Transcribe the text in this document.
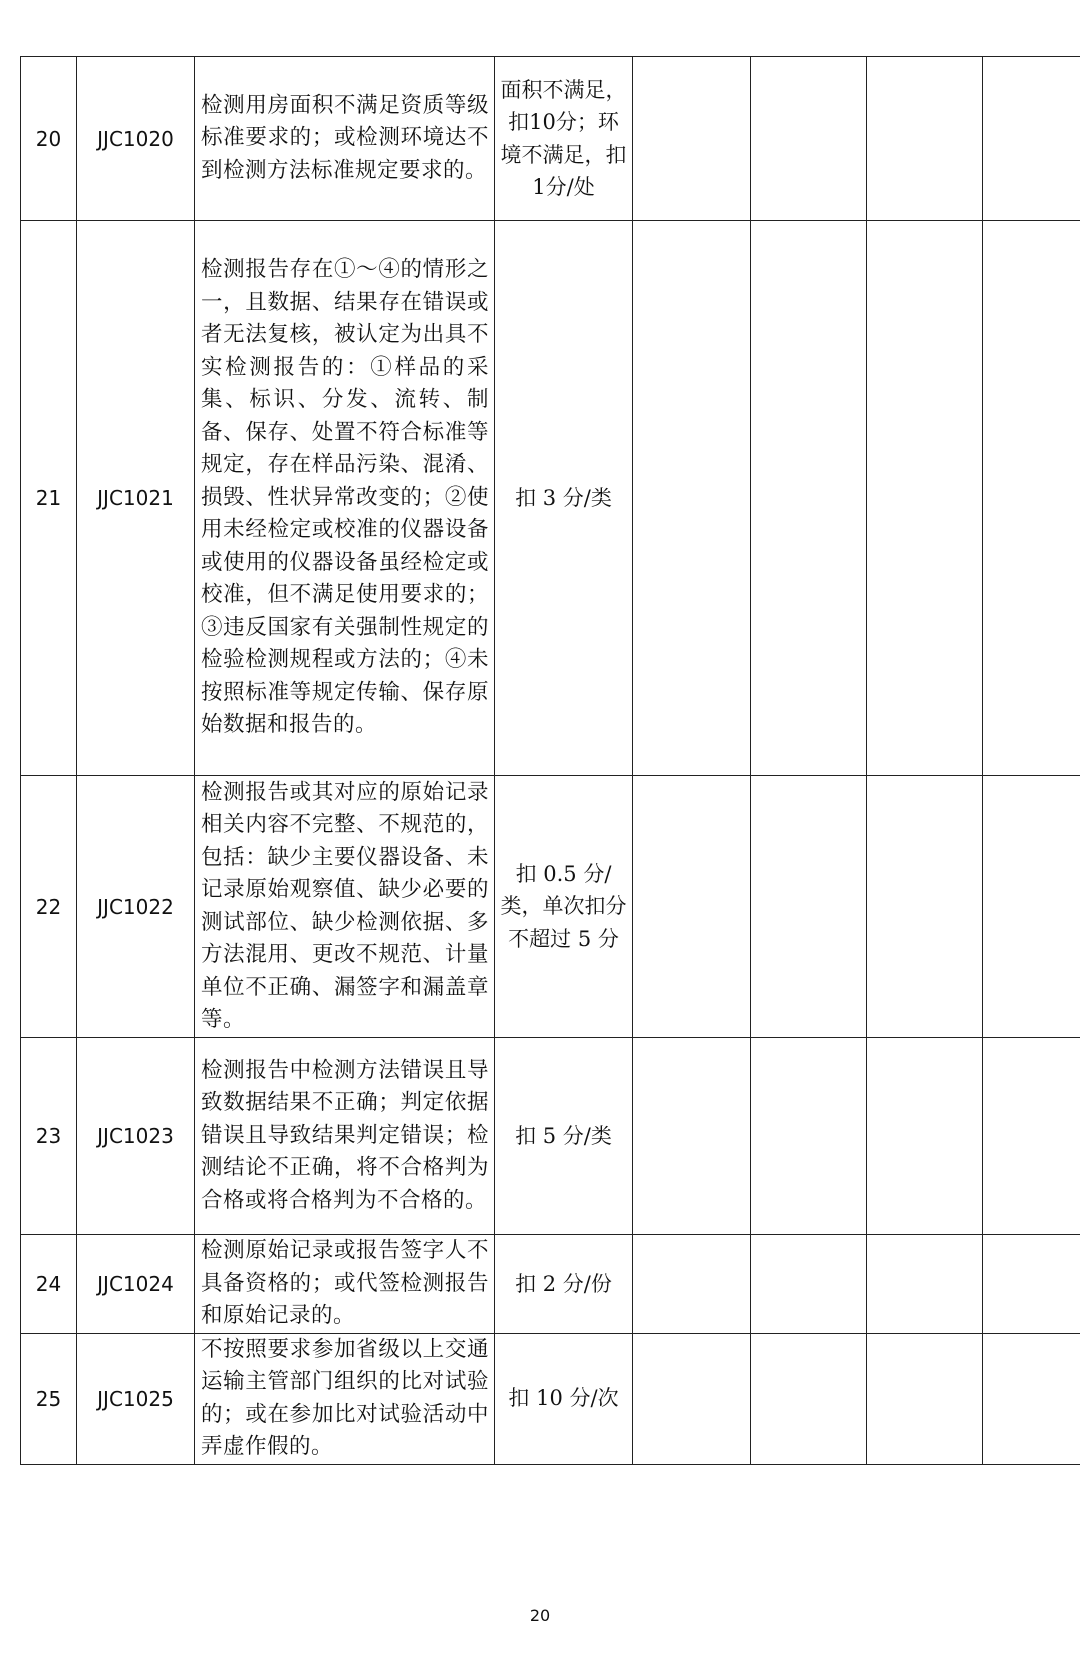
20	JJC1020	检测用房面积不满足资质等级标准要求的；或检测环境达不到检测方法标准规定要求的。	面积不满足，扣10分；环境不满足，扣1分/处					
21	JJC1021	检测报告存在①～④的情形之一，且数据、结果存在错误或者无法复核，被认定为出具不实检测报告的：①样品的采集、标识、分发、流转、制备、保存、处置不符合标准等规定，存在样品污染、混淆、损毁、性状异常改变的；②使用未经检定或校准的仪器设备或使用的仪器设备虽经检定或校准，但不满足使用要求的；③违反国家有关强制性规定的检验检测规程或方法的；④未按照标准等规定传输、保存原始数据和报告的。	扣 3 分/类					
22	JJC1022	检测报告或其对应的原始记录相关内容不完整、不规范的，包括：缺少主要仪器设备、未记录原始观察值、缺少必要的测试部位、缺少检测依据、多方法混用、更改不规范、计量单位不正确、漏签字和漏盖章等。	扣 0.5 分/类，单次扣分不超过 5 分					
23	JJC1023	检测报告中检测方法错误且导致数据结果不正确；判定依据错误且导致结果判定错误；检测结论不正确，将不合格判为合格或将合格判为不合格的。	扣 5 分/类					
24	JJC1024	检测原始记录或报告签字人不具备资格的；或代签检测报告和原始记录的。	扣 2 分/份					
25	JJC1025	不按照要求参加省级以上交通运输主管部门组织的比对试验的；或在参加比对试验活动中弄虚作假的。	扣 10 分/次					
20
